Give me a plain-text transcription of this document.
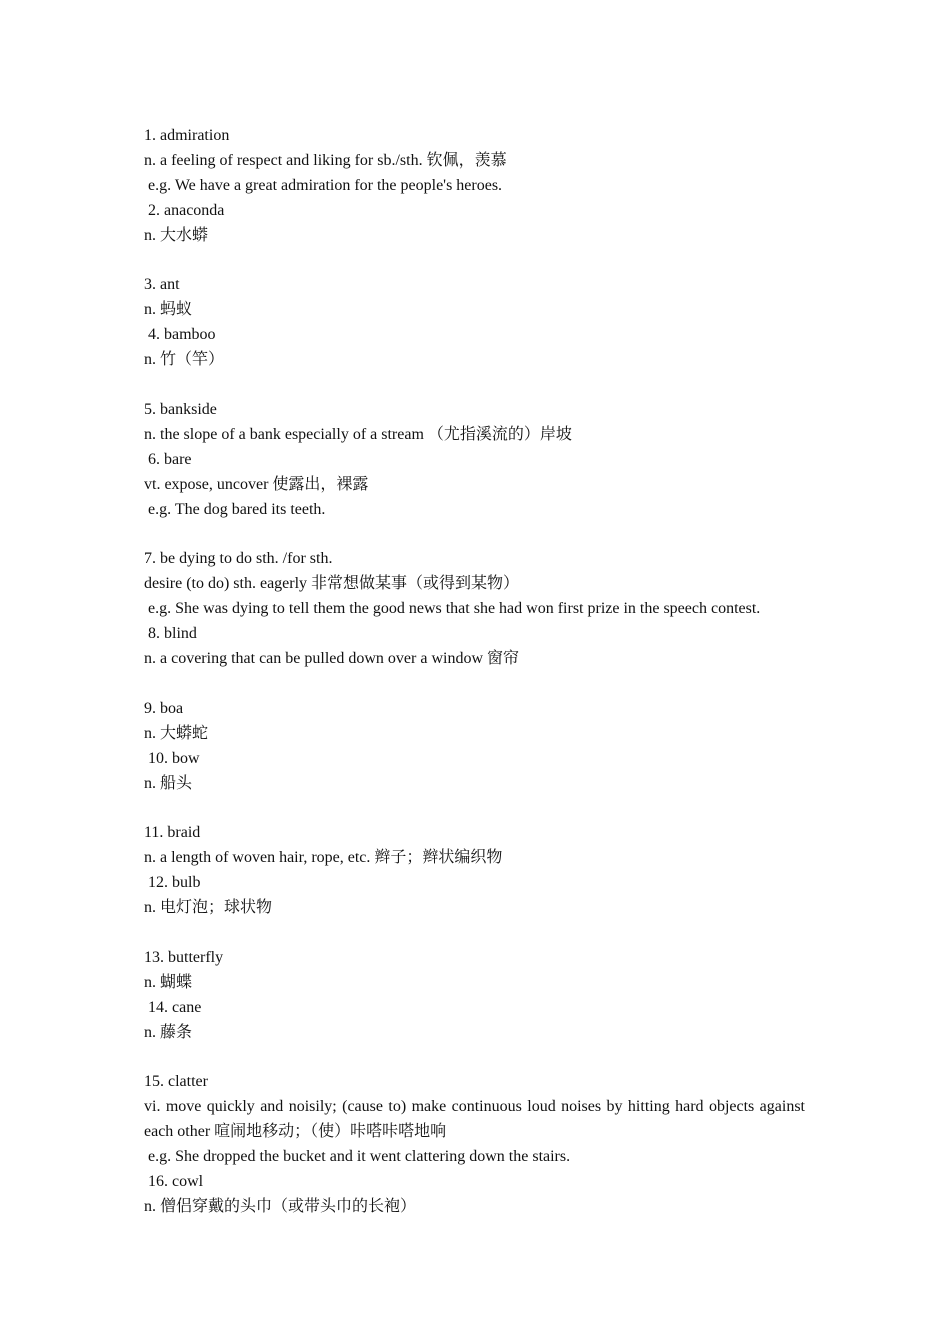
1. admiration
n. a feeling of respect and liking for sb./sth. 钦佩，羡慕
e.g. We have a great admiration for the people's heroes.
2. anaconda
n. 大水蟒
3. ant
n. 蚂蚁
4. bamboo
n. 竹（竿）
5. bankside
n. the slope of a bank especially of a stream （尤指溪流的）岸坡
6. bare
vt. expose, uncover 使露出，裸露
e.g. The dog bared its teeth.
7. be dying to do sth. /for sth.
desire (to do) sth. eagerly 非常想做某事（或得到某物）
e.g. She was dying to tell them the good news that she had won first prize in the speech contest.
8. blind
n. a covering that can be pulled down over a window 窗帘
9. boa
n. 大蟒蛇
10. bow
n. 船头
11. braid
n. a length of woven hair, rope, etc. 辫子；辫状编织物
12. bulb
n. 电灯泡；球状物
13. butterfly
n. 蝴蝶
14. cane
n. 藤条
15. clatter
vi. move quickly and noisily; (cause to) make continuous loud noises by hitting hard objects against each other 喧闹地移动；（使）咔嗒咔嗒地响
e.g. She dropped the bucket and it went clattering down the stairs.
16. cowl
n. 僧侣穿戴的头巾（或带头巾的长袍）
